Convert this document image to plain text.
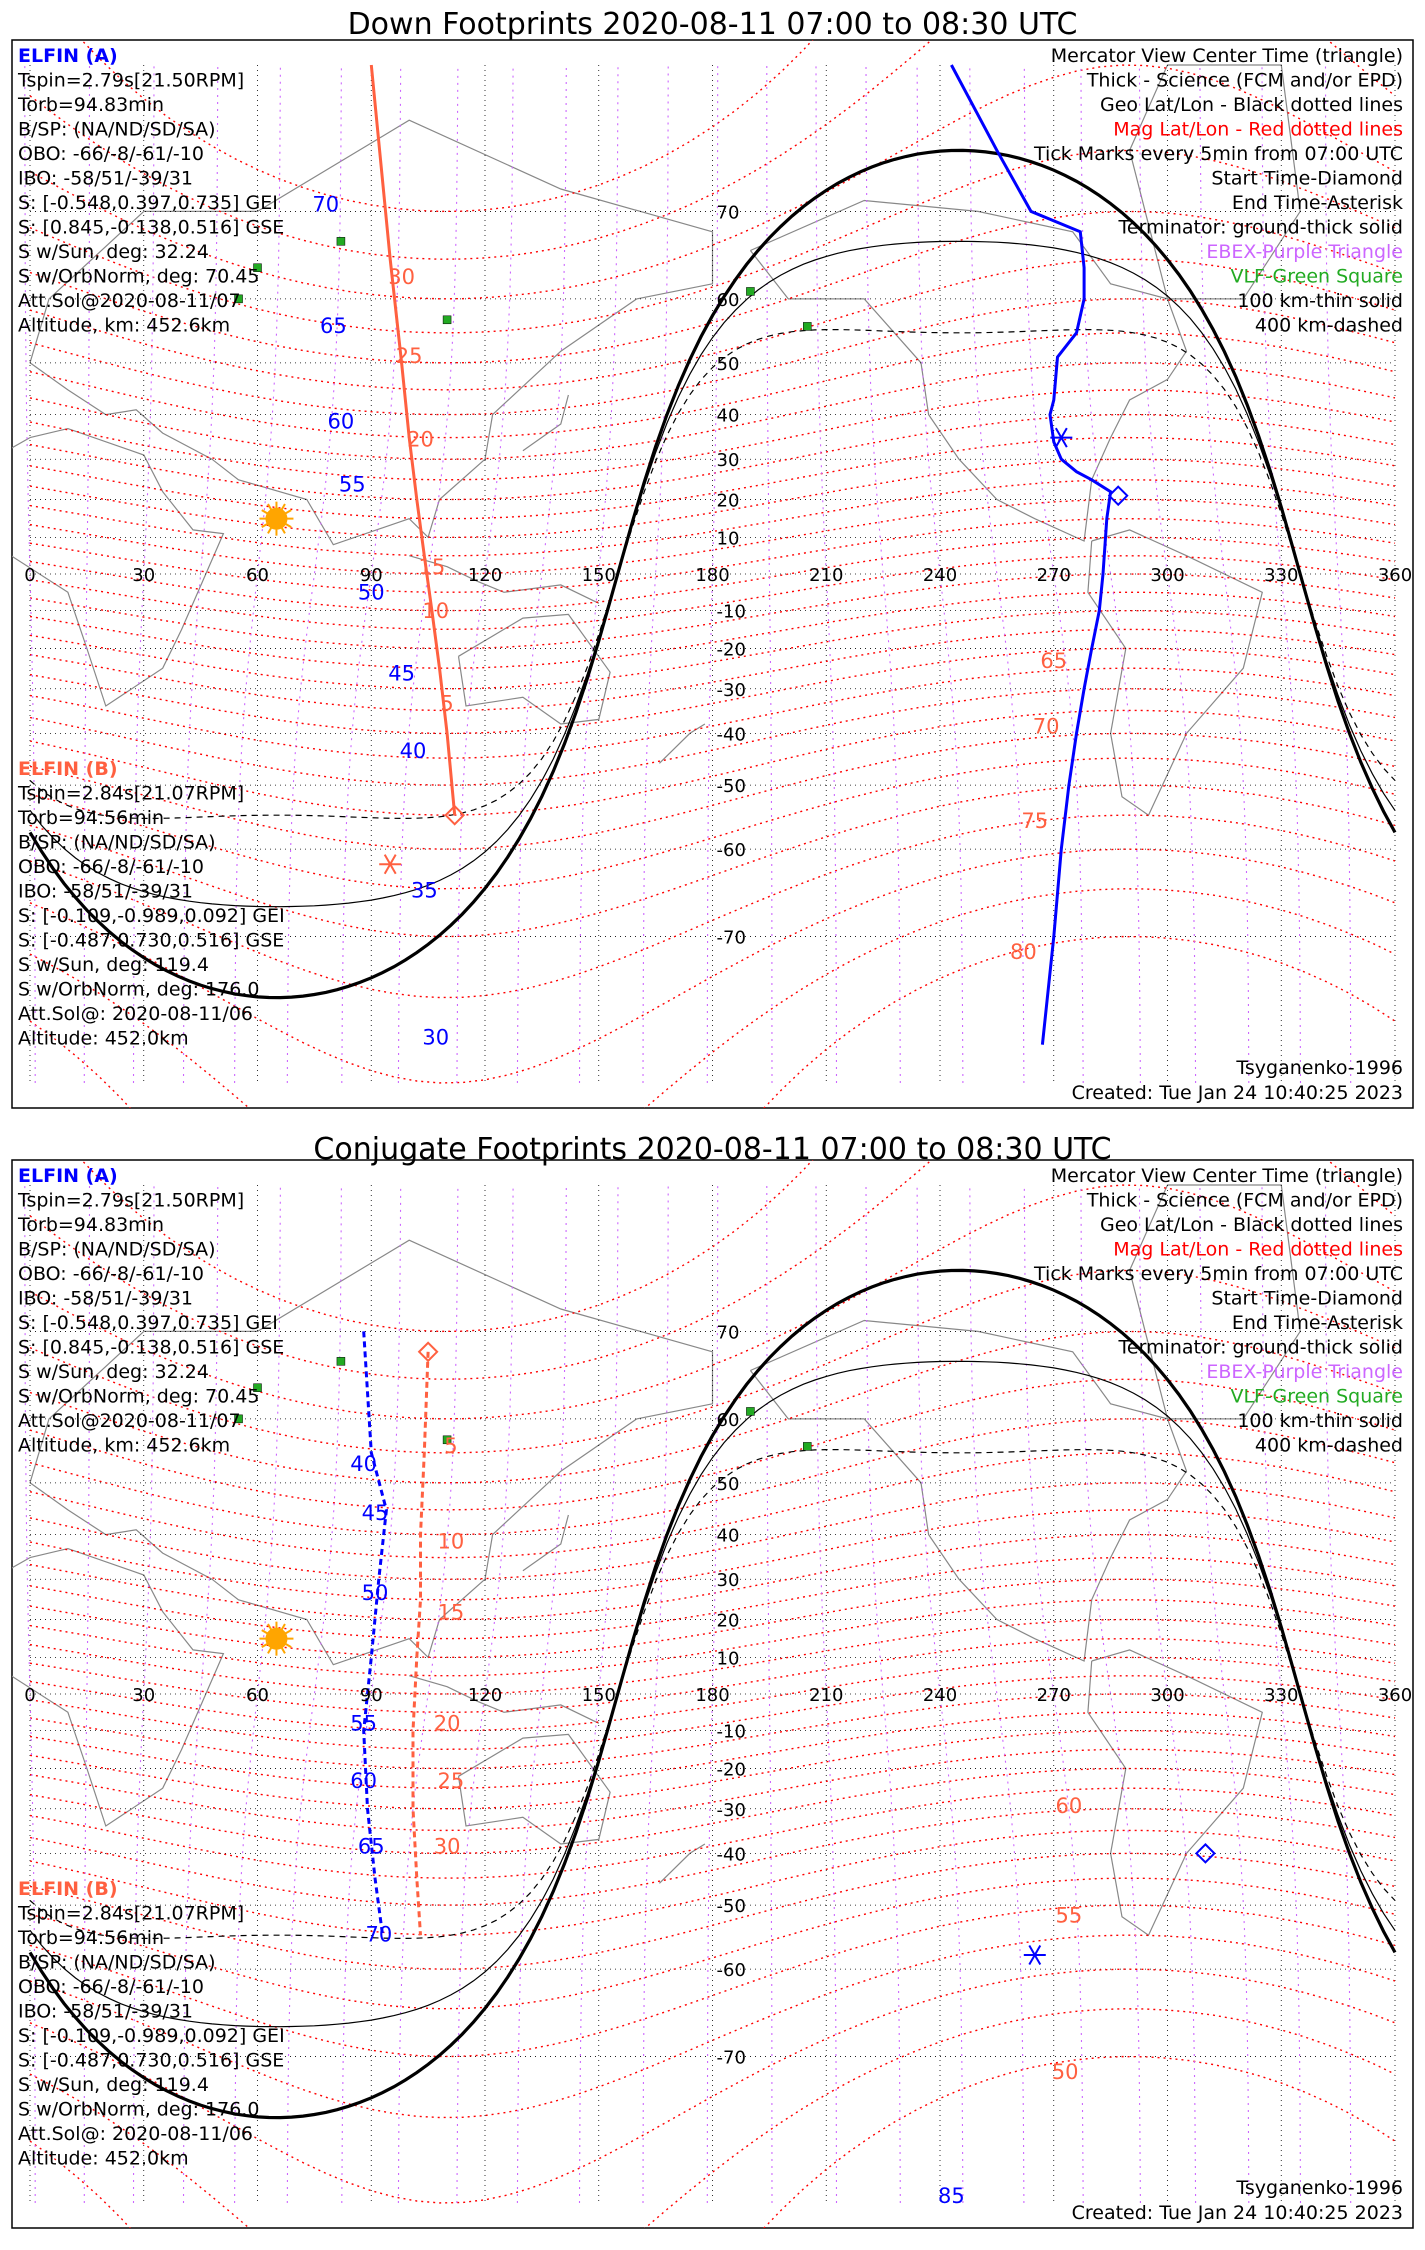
Down Footprints 2020-08-11 07:00 to 08:30 UTC
0	30	60	90	120	150	180	210	240	270	300	330	360
70
60
50
40
30
20
10
-10
-20
-30
-40
-50
-60
-70
70
65
60
55
50
45
40
35
30
30
25
20
15
10
5
65
70
75
80
ELFIN (A)
Tspin=2.79s[21.50RPM]
Torb=94.83min
B/SP: (NA/ND/SD/SA)
OBO: -66/-8/-61/-10
IBO: -58/51/-39/31
S: [-0.548,0.397,0.735] GEI
S: [0.845,-0.138,0.516] GSE
S w/Sun, deg: 32.24
S w/OrbNorm, deg: 70.45
Att.Sol@2020-08-11/07
Altitude, km: 452.6km
ELFIN (B)
Tspin=2.84s[21.07RPM]
Torb=94.56min
B/SP: (NA/ND/SD/SA)
OBO: -66/-8/-61/-10
IBO: -58/51/-39/31
S: [-0.109,-0.989,0.092] GEI
S: [-0.487,0.730,0.516] GSE
S w/Sun, deg: 119.4
S w/OrbNorm, deg: 176.0
Att.Sol@: 2020-08-11/06
Altitude: 452.0km
Mercator View Center Time (triangle)
Thick - Science (FCM and/or EPD)
Geo Lat/Lon - Black dotted lines
Mag Lat/Lon - Red dotted lines
Tick Marks every 5min from 07:00 UTC
Start Time-Diamond
End Time-Asterisk
Terminator: ground-thick solid
EBEX-Purple Triangle
VLF-Green Square
100 km-thin solid
400 km-dashed
Tsyganenko-1996
Created: Tue Jan 24 10:40:25 2023
Conjugate Footprints 2020-08-11 07:00 to 08:30 UTC
0	30	60	90	120	150	180	210	240	270	300	330	360
70
60
50
40
30
20
10
-10
-20
-30
-40
-50
-60
-70
40
45
50
55
60
65
70
85
5
10
15
20
25
30
50
55
60
ELFIN (A)
Tspin=2.79s[21.50RPM]
Torb=94.83min
B/SP: (NA/ND/SD/SA)
OBO: -66/-8/-61/-10
IBO: -58/51/-39/31
S: [-0.548,0.397,0.735] GEI
S: [0.845,-0.138,0.516] GSE
S w/Sun, deg: 32.24
S w/OrbNorm, deg: 70.45
Att.Sol@2020-08-11/07
Altitude, km: 452.6km
ELFIN (B)
Tspin=2.84s[21.07RPM]
Torb=94.56min
B/SP: (NA/ND/SD/SA)
OBO: -66/-8/-61/-10
IBO: -58/51/-39/31
S: [-0.109,-0.989,0.092] GEI
S: [-0.487,0.730,0.516] GSE
S w/Sun, deg: 119.4
S w/OrbNorm, deg: 176.0
Att.Sol@: 2020-08-11/06
Altitude: 452.0km
Mercator View Center Time (triangle)
Thick - Science (FCM and/or EPD)
Geo Lat/Lon - Black dotted lines
Mag Lat/Lon - Red dotted lines
Tick Marks every 5min from 07:00 UTC
Start Time-Diamond
End Time-Asterisk
Terminator: ground-thick solid
EBEX-Purple Triangle
VLF-Green Square
100 km-thin solid
400 km-dashed
Tsyganenko-1996
Created: Tue Jan 24 10:40:25 2023
